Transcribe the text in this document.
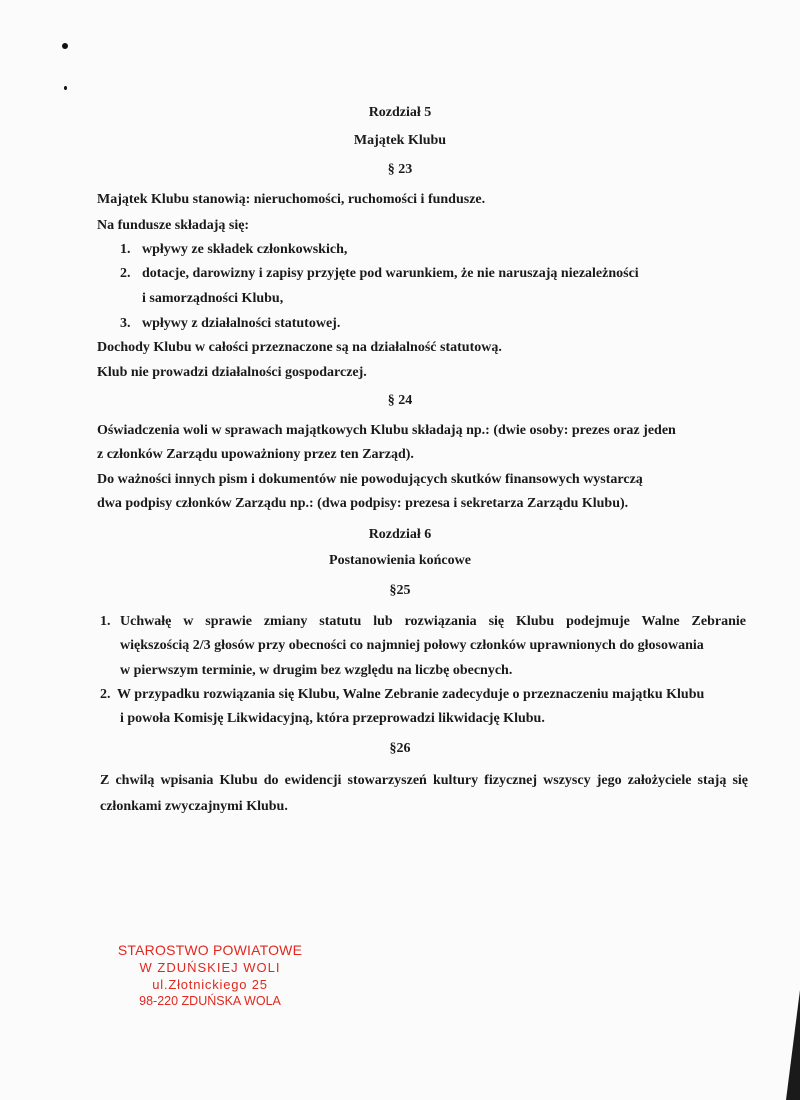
Rozdział 5
Majątek Klubu
§ 23
Majątek Klubu stanowią: nieruchomości, ruchomości i fundusze.
Na fundusze składają się:
1. wpływy ze składek członkowskich,
2. dotacje, darowizny i zapisy przyjęte pod warunkiem, że nie naruszają niezależności
i samorządności Klubu,
3. wpływy z działalności statutowej.
Dochody Klubu w całości przeznaczone są na działalność statutową.
Klub nie prowadzi działalności gospodarczej.
§ 24
Oświadczenia woli w sprawach majątkowych Klubu składają np.: (dwie osoby: prezes oraz jeden
z członków Zarządu upoważniony przez ten Zarząd).
Do ważności innych pism i dokumentów nie powodujących skutków finansowych wystarczą
dwa podpisy członków Zarządu np.: (dwa podpisy: prezesa i sekretarza Zarządu Klubu).
Rozdział 6
Postanowienia końcowe
§25
1. Uchwałę w sprawie zmiany statutu lub rozwiązania się Klubu podejmuje Walne Zebranie
większością 2/3 głosów przy obecności co najmniej połowy członków uprawnionych do głosowania
w pierwszym terminie, w drugim bez względu na liczbę obecnych.
2. W przypadku rozwiązania się Klubu, Walne Zebranie zadecyduje o przeznaczeniu majątku Klubu
i powoła Komisję Likwidacyjną, która przeprowadzi likwidację Klubu.
§26
Z chwilą wpisania Klubu do ewidencji stowarzyszeń kultury fizycznej wszyscy jego założyciele stają się
członkami zwyczajnymi Klubu.
STAROSTWO POWIATOWE
W ZDUŃSKIEJ WOLI
ul.Złotnickiego 25
98-220 ZDUŃSKA WOLA
